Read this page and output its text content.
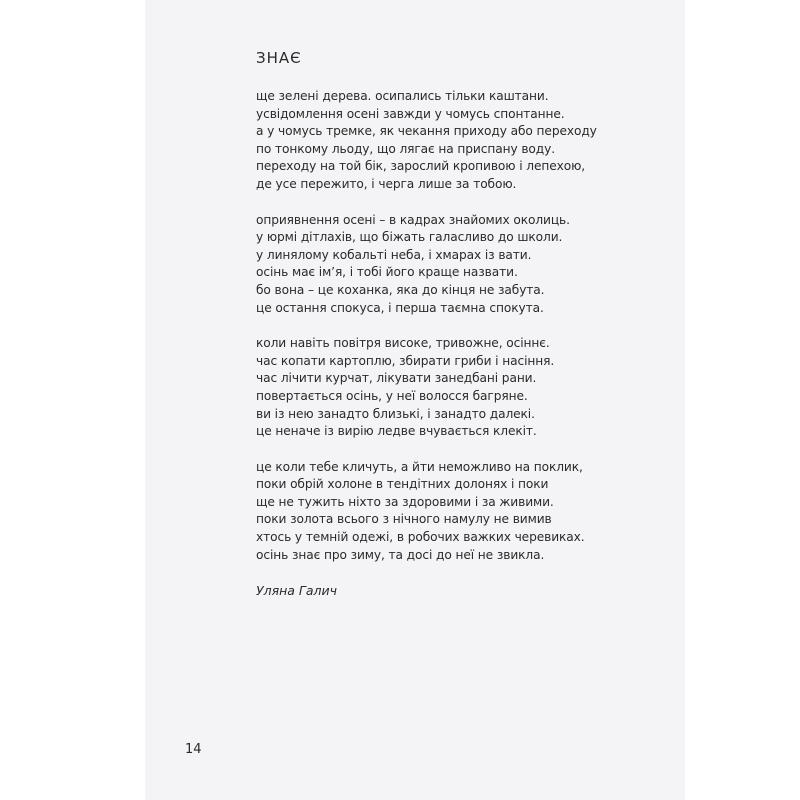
ЗНАЄ
ще зелені дерева. осипались тільки каштани.
усвідомлення осені завжди у чомусь спонтанне.
а у чомусь тремке, як чекання приходу або переходу
по тонкому льоду, що лягає на приспану воду.
переходу на той бік, зарослий кропивою і лепехою,
де усе пережито, і черга лише за тобою.
оприявнення осені – в кадрах знайомих околиць.
у юрмі дітлахів, що біжать галасливо до школи.
у линялому кобальті неба, і хмарах із вати.
осінь має ім’я, і тобі його краще назвати.
бо вона – це коханка, яка до кінця не забута.
це остання спокуса, і перша таємна спокута.
коли навіть повітря високе, тривожне, осіннє.
час копати картоплю, збирати гриби і насіння.
час лічити курчат, лікувати занедбані рани.
повертається осінь, у неї волосся багряне.
ви із нею занадто близькі, і занадто далекі.
це неначе із вирію ледве вчувається клекіт.
це коли тебе кличуть, а йти неможливо на поклик,
поки обрій холоне в тендітних долонях і поки
ще не тужить ніхто за здоровими і за живими.
поки золота всього з нічного намулу не вимив
хтось у темній одежі, в робочих важких черевиках.
осінь знає про зиму, та досі до неї не звикла.
Уляна Галич
14
